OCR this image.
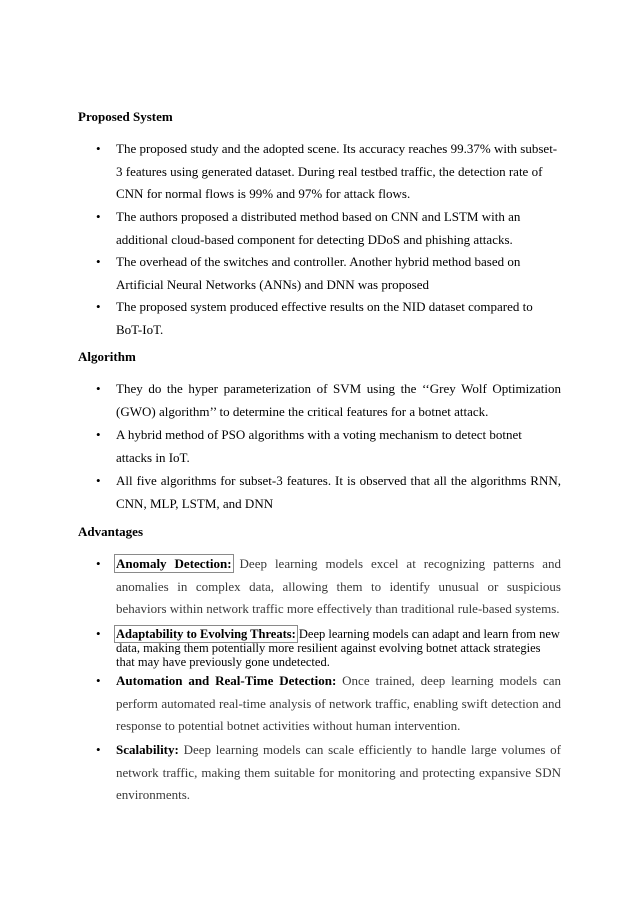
Proposed System
• The proposed study and the adopted scene. Its accuracy reaches 99.37% with subset-3 features using generated dataset. During real testbed traffic, the detection rate of CNN for normal flows is 99% and 97% for attack flows.
• The authors proposed a distributed method based on CNN and LSTM with an additional cloud-based component for detecting DDoS and phishing attacks.
• The overhead of the switches and controller. Another hybrid method based on Artificial Neural Networks (ANNs) and DNN was proposed
• The proposed system produced effective results on the NID dataset compared to BoT-IoT.
Algorithm
• They do the hyper parameterization of SVM using the ‘‘Grey Wolf Optimization (GWO) algorithm’’ to determine the critical features for a botnet attack.
• A hybrid method of PSO algorithms with a voting mechanism to detect botnet attacks in IoT.
• All five algorithms for subset-3 features. It is observed that all the algorithms RNN, CNN, MLP, LSTM, and DNN
Advantages
• Anomaly Detection: Deep learning models excel at recognizing patterns and anomalies in complex data, allowing them to identify unusual or suspicious behaviors within network traffic more effectively than traditional rule-based systems.
• Adaptability to Evolving Threats: Deep learning models can adapt and learn from new data, making them potentially more resilient against evolving botnet attack strategies that may have previously gone undetected.
• Automation and Real-Time Detection: Once trained, deep learning models can perform automated real-time analysis of network traffic, enabling swift detection and response to potential botnet activities without human intervention.
• Scalability: Deep learning models can scale efficiently to handle large volumes of network traffic, making them suitable for monitoring and protecting expansive SDN environments.
